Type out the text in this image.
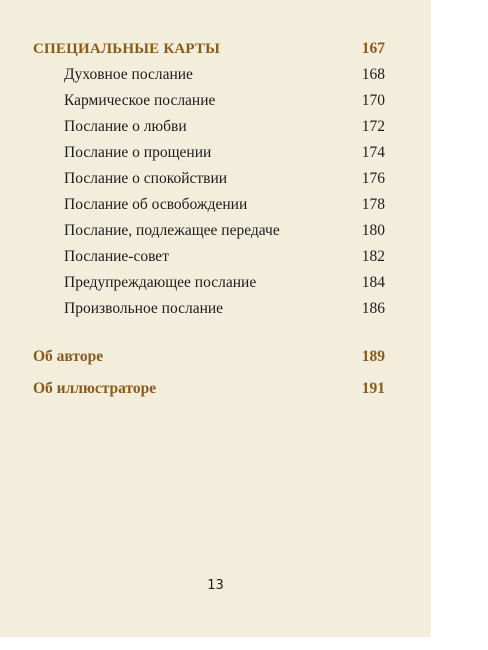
СПЕЦИАЛЬНЫЕ КАРТЫ	167
Духовное послание	168
Кармическое послание	170
Послание о любви	172
Послание о прощении	174
Послание о спокойствии	176
Послание об освобождении	178
Послание, подлежащее передаче	180
Послание-совет	182
Предупреждающее послание	184
Произвольное послание	186
Об авторе	189
Об иллюстраторе	191
13
